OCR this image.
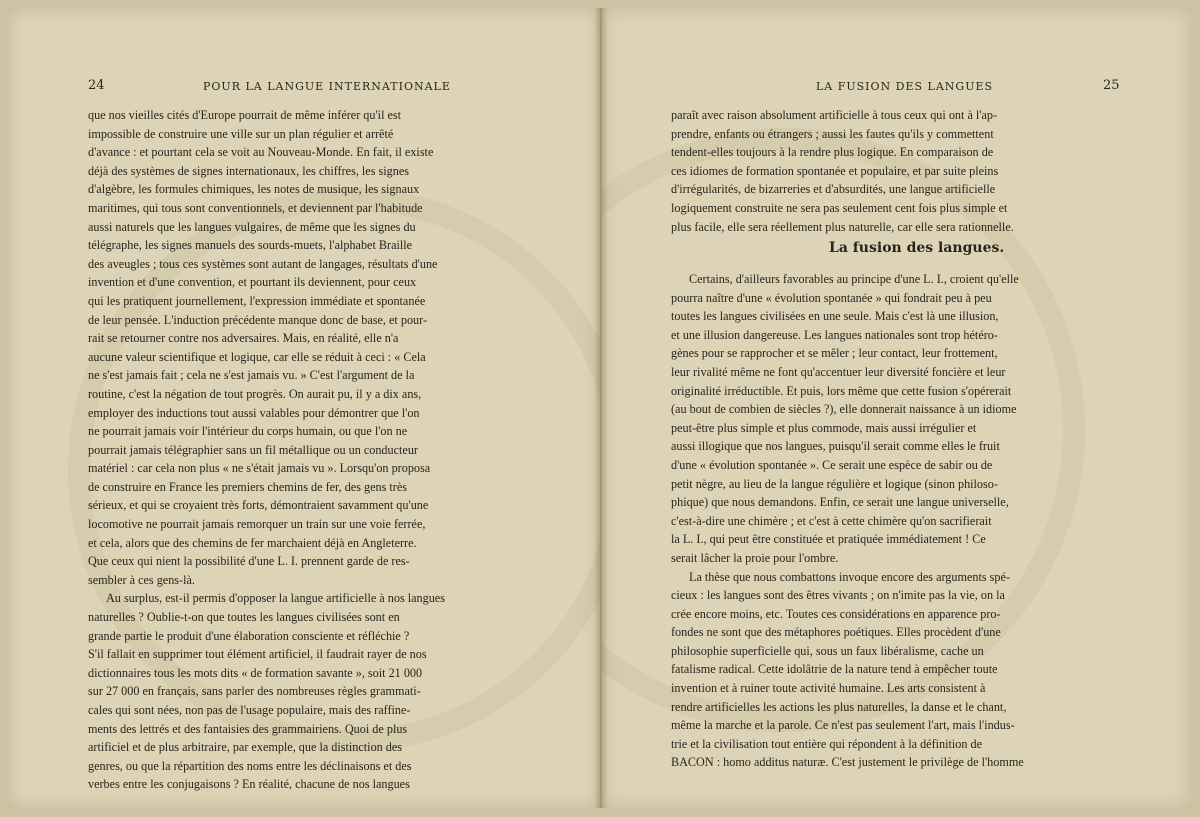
24	POUR LA LANGUE INTERNATIONALE
que nos vieilles cités d'Europe pourrait de même inférer qu'il est
impossible de construire une ville sur un plan régulier et arrêté
d'avance : et pourtant cela se voit au Nouveau-Monde. En fait, il existe
déjà des systèmes de signes internationaux, les chiffres, les signes
d'algèbre, les formules chimiques, les notes de musique, les signaux
maritimes, qui tous sont conventionnels, et deviennent par l'habitude
aussi naturels que les langues vulgaires, de même que les signes du
télégraphe, les signes manuels des sourds-muets, l'alphabet Braille
des aveugles ; tous ces systèmes sont autant de langages, résultats d'une
invention et d'une convention, et pourtant ils deviennent, pour ceux
qui les pratiquent journellement, l'expression immédiate et spontanée
de leur pensée. L'induction précédente manque donc de base, et pour-
rait se retourner contre nos adversaires. Mais, en réalité, elle n'a
aucune valeur scientifique et logique, car elle se réduit à ceci : « Cela
ne s'est jamais fait ; cela ne s'est jamais vu. » C'est l'argument de la
routine, c'est la négation de tout progrès. On aurait pu, il y a dix ans,
employer des inductions tout aussi valables pour démontrer que l'on
ne pourrait jamais voir l'intérieur du corps humain, ou que l'on ne
pourrait jamais télégraphier sans un fil métallique ou un conducteur
matériel : car cela non plus « ne s'était jamais vu ». Lorsqu'on proposa
de construire en France les premiers chemins de fer, des gens très
sérieux, et qui se croyaient très forts, démontraient savamment qu'une
locomotive ne pourrait jamais remorquer un train sur une voie ferrée,
et cela, alors que des chemins de fer marchaient déjà en Angleterre.
Que ceux qui nient la possibilité d'une L. I. prennent garde de res-
sembler à ces gens-là.
Au surplus, est-il permis d'opposer la langue artificielle à nos langues
naturelles ? Oublie-t-on que toutes les langues civilisées sont en
grande partie le produit d'une élaboration consciente et réfléchie ?
S'il fallait en supprimer tout élément artificiel, il faudrait rayer de nos
dictionnaires tous les mots dits « de formation savante », soit 21 000
sur 27 000 en français, sans parler des nombreuses règles grammati-
cales qui sont nées, non pas de l'usage populaire, mais des raffine-
ments des lettrés et des fantaisies des grammairiens. Quoi de plus
artificiel et de plus arbitraire, par exemple, que la distinction des
genres, ou que la répartition des noms entre les déclinaisons et des
verbes entre les conjugaisons ? En réalité, chacune de nos langues
LA FUSION DES LANGUES	25
paraît avec raison absolument artificielle à tous ceux qui ont à l'ap-
prendre, enfants ou étrangers ; aussi les fautes qu'ils y commettent
tendent-elles toujours à la rendre plus logique. En comparaison de
ces idiomes de formation spontanée et populaire, et par suite pleins
d'irrégularités, de bizarreries et d'absurdités, une langue artificielle
logiquement construite ne sera pas seulement cent fois plus simple et
plus facile, elle sera réellement plus naturelle, car elle sera rationnelle.
La fusion des langues.
Certains, d'ailleurs favorables au principe d'une L. I., croient qu'elle
pourra naître d'une « évolution spontanée » qui fondrait peu à peu
toutes les langues civilisées en une seule. Mais c'est là une illusion,
et une illusion dangereuse. Les langues nationales sont trop hétéro-
gènes pour se rapprocher et se mêler ; leur contact, leur frottement,
leur rivalité même ne font qu'accentuer leur diversité foncière et leur
originalité irréductible. Et puis, lors même que cette fusion s'opérerait
(au bout de combien de siècles ?), elle donnerait naissance à un idiome
peut-être plus simple et plus commode, mais aussi irrégulier et
aussi illogique que nos langues, puisqu'il serait comme elles le fruit
d'une « évolution spontanée ». Ce serait une espèce de sabir ou de
petit nègre, au lieu de la langue régulière et logique (sinon philoso-
phique) que nous demandons. Enfin, ce serait une langue universelle,
c'est-à-dire une chimère ; et c'est à cette chimère qu'on sacrifierait
la L. I., qui peut être constituée et pratiquée immédiatement ! Ce
serait lâcher la proie pour l'ombre.
La thèse que nous combattons invoque encore des arguments spé-
cieux : les langues sont des êtres vivants ; on n'imite pas la vie, on la
crée encore moins, etc. Toutes ces considérations en apparence pro-
fondes ne sont que des métaphores poétiques. Elles procèdent d'une
philosophie superficielle qui, sous un faux libéralisme, cache un
fatalisme radical. Cette idolâtrie de la nature tend à empêcher toute
invention et à ruiner toute activité humaine. Les arts consistent à
rendre artificielles les actions les plus naturelles, la danse et le chant,
même la marche et la parole. Ce n'est pas seulement l'art, mais l'indus-
trie et la civilisation tout entière qui répondent à la définition de
BACON : homo additus naturæ. C'est justement le privilège de l'homme
